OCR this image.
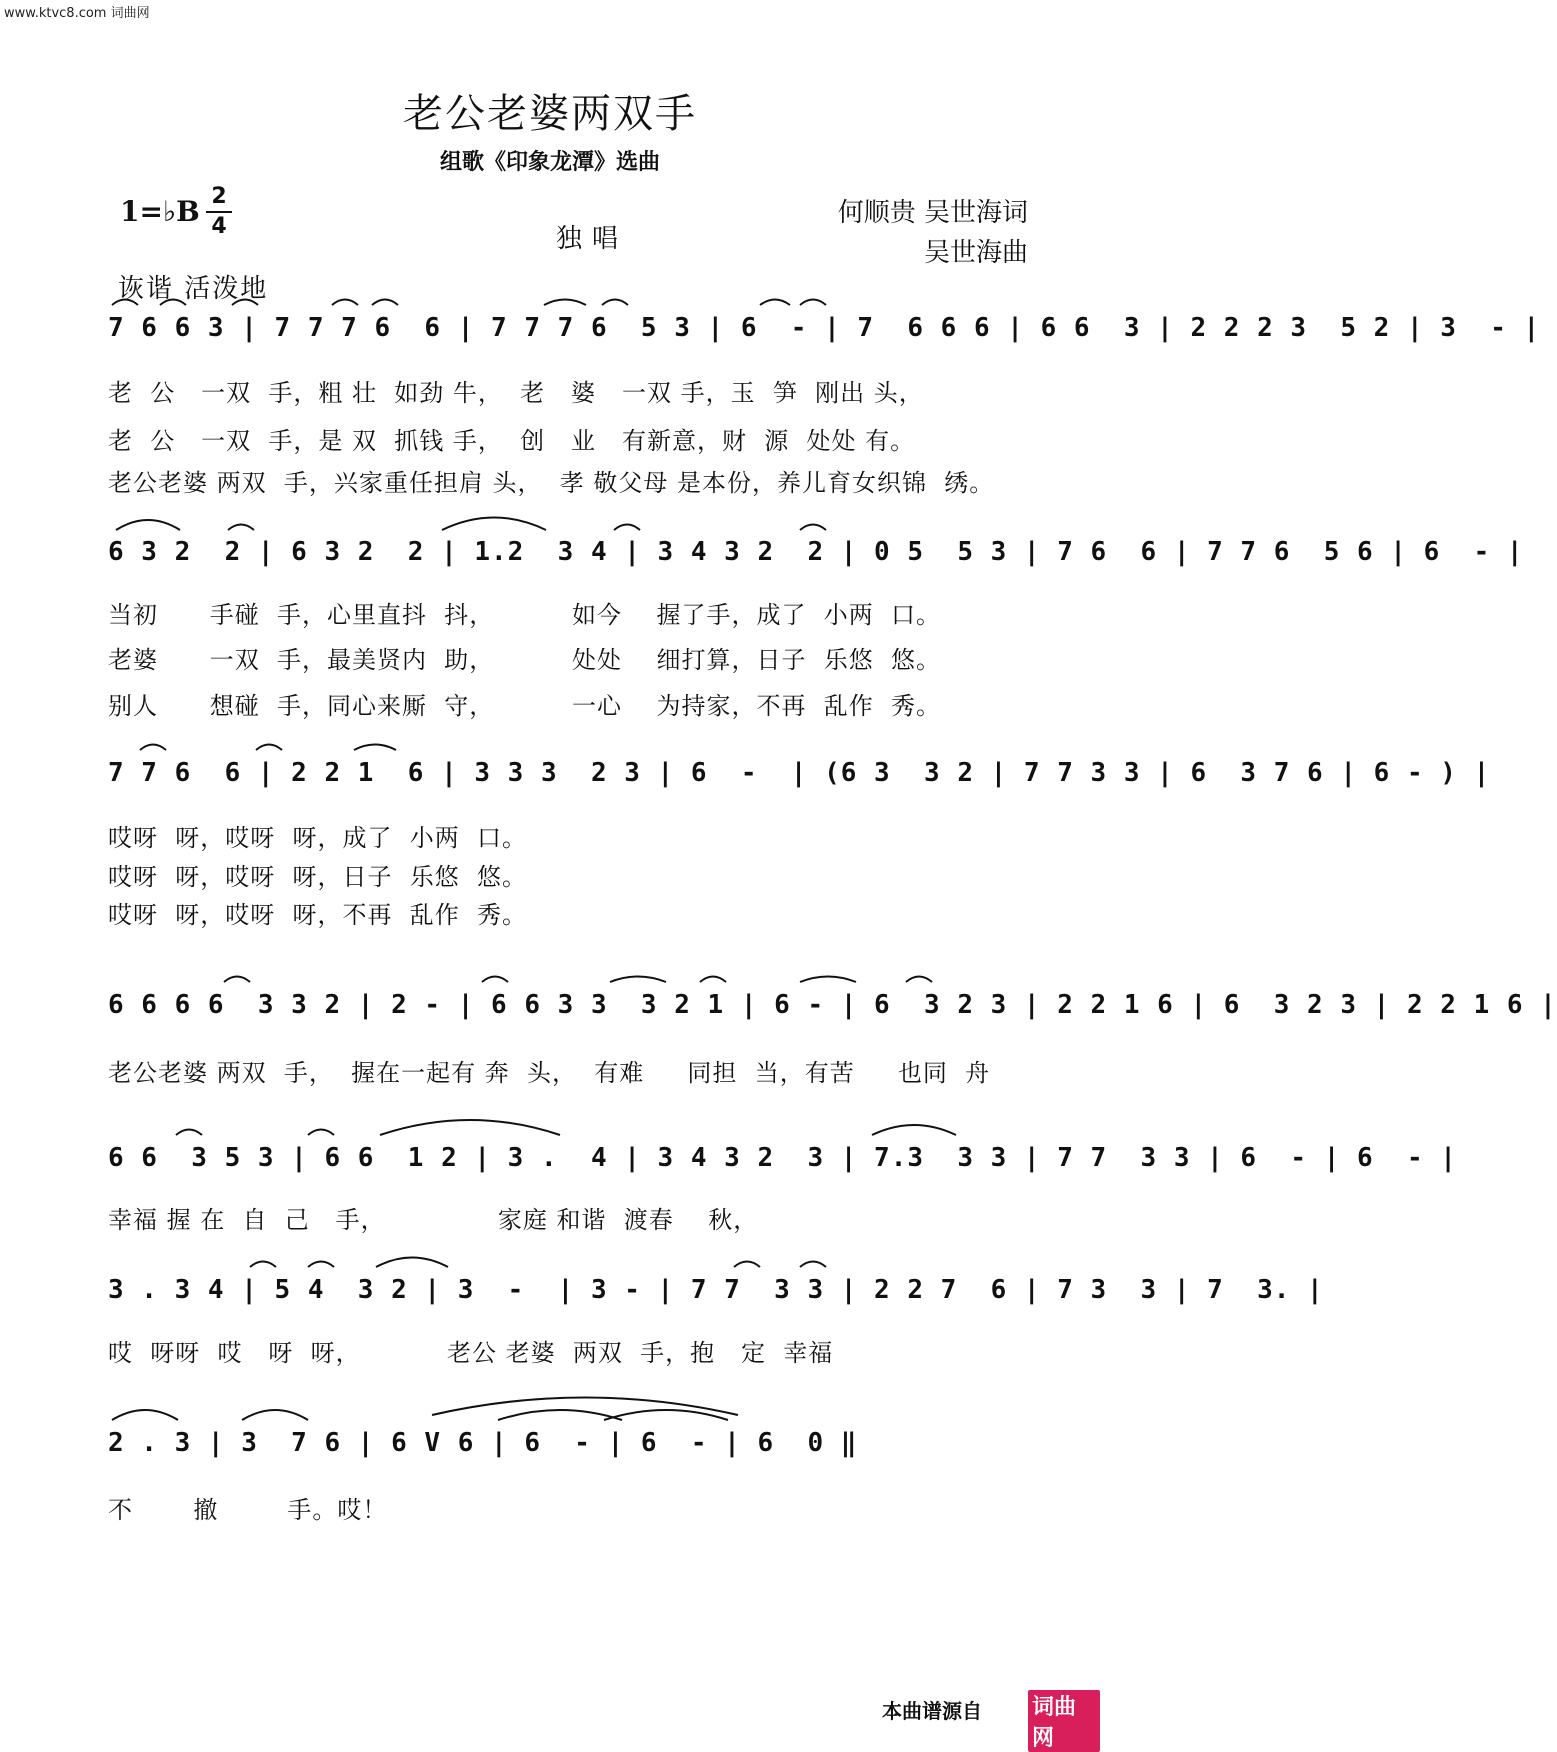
www.ktvc8.com 词曲网
老公老婆两双手
组歌《印象龙潭》选曲
1=♭B 2
4	独唱
何顺贵 吴世海词
吴世海曲
诙谐 活泼地
7 6 6 3 | 7 7 7 6  6 | 7 7 7 6  5 3 | 6  - | 7  6 6 6 | 6 6  3 | 2 2 2 3  5 2 | 3  - |
老  公   一双  手，粗 壮  如劲 牛，  老   婆   一双 手，玉  笋  刚出 头，
老  公   一双  手，是 双  抓钱 手，  创   业   有新意，财  源  处处 有。
老公老婆 两双  手，兴家重任担肩 头，  孝 敬父母 是本份，养儿育女织锦  绣。
6 3 2  2 | 6 3 2  2 | 1.2  3 4 | 3 4 3 2  2 | 0 5  5 3 | 7 6  6 | 7 7 6  5 6 | 6  - |
当初      手碰  手，心里直抖  抖，         如今    握了手，成了  小两  口。
老婆      一双  手，最美贤内  助，         处处    细打算，日子  乐悠  悠。
别人      想碰  手，同心来厮  守，         一心    为持家，不再  乱作  秀。
7 7 6  6 | 2 2 1  6 | 3 3 3  2 3 | 6  -  | (6 3  3 2 | 7 7 3 3 | 6  3 7 6 | 6 - ) |
哎呀  呀，哎呀  呀，成了  小两  口。
哎呀  呀，哎呀  呀，日子  乐悠  悠。
哎呀  呀，哎呀  呀，不再  乱作  秀。
6 6 6 6  3 3 2 | 2 - | 6 6 3 3  3 2 1 | 6 - | 6  3 2 3 | 2 2 1 6 | 6  3 2 3 | 2 2 1 6 |
老公老婆 两双  手，  握在一起有 奔  头，  有难     同担  当，有苦     也同  舟
6 6  3 5 3 | 6 6  1 2 | 3 .  4 | 3 4 3 2  3 | 7.3  3 3 | 7 7  3 3 | 6  - | 6  - |
幸福 握 在  自  己   手，             家庭 和谐  渡春    秋，
3 . 3 4 | 5 4  3 2 | 3  -  | 3 - | 7 7  3 3 | 2 2 7  6 | 7 3  3 | 7  3. |
哎  呀呀  哎   呀  呀，          老公 老婆  两双  手，抱   定  幸福
2 . 3 | 3  7 6 | 6 V 6 | 6  - | 6  - | 6  0 ‖
不       撤        手。哎！
本曲谱源自 词曲网
